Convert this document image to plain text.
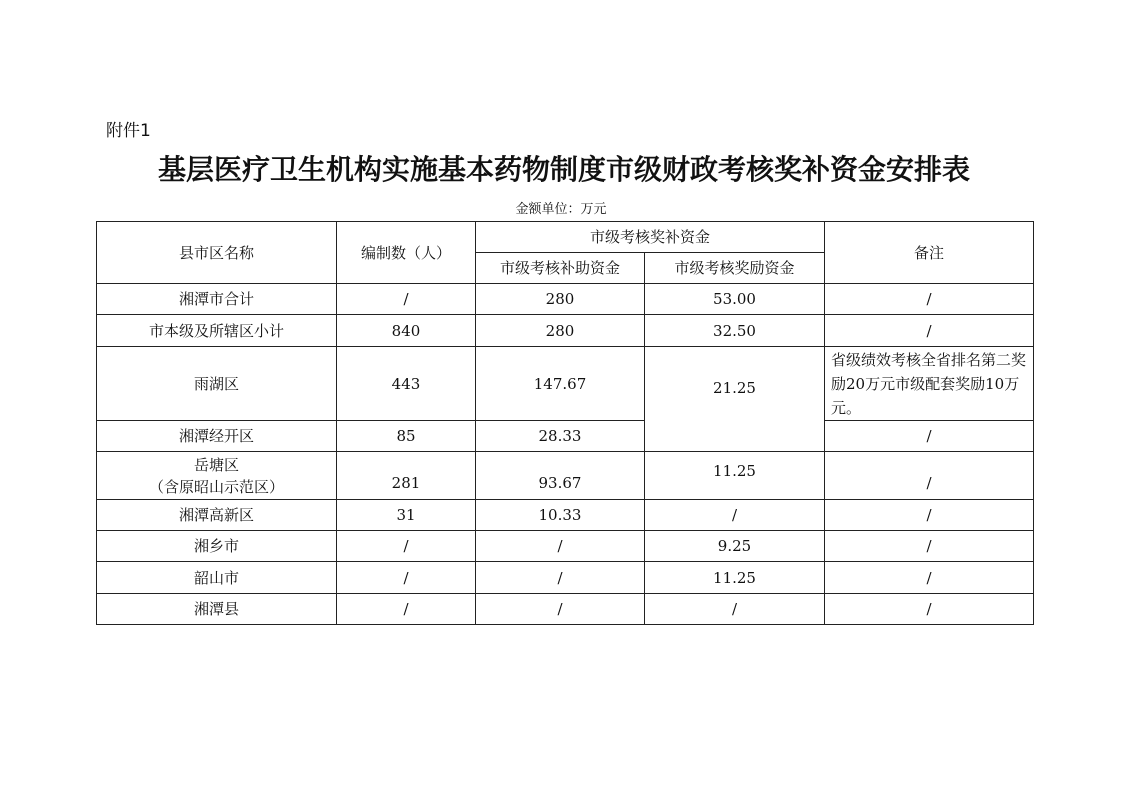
附件1
基层医疗卫生机构实施基本药物制度市级财政考核奖补资金安排表
金额单位：万元
县市区名称	编制数（人）	市级考核奖补资金		备注
		市级考核补助资金	市级考核奖励资金	
湘潭市合计	/	280	53.00	/
市本级及所辖区小计	840	280	32.50	/
雨湖区	443	147.67	21.25	省级绩效考核全省排名第二奖励20万元市级配套奖励10万元。
湘潭经开区	85	28.33		/
岳塘区
（含原昭山示范区）	281	93.67	11.25	/
湘潭高新区	31	10.33	/	/
湘乡市	/	/	9.25	/
韶山市	/	/	11.25	/
湘潭县	/	/	/	/
